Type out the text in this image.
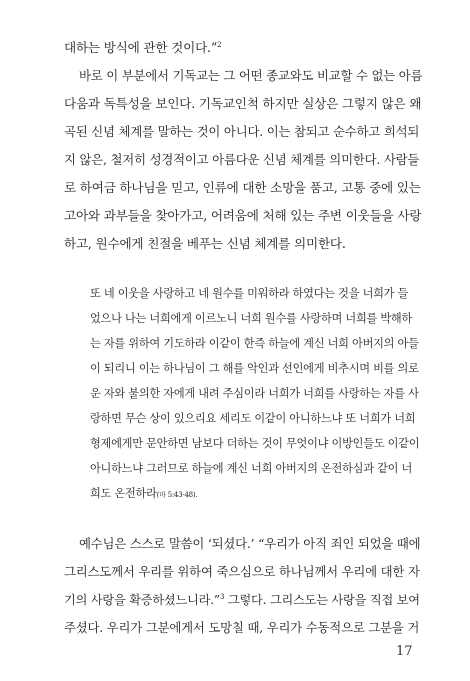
대하는 방식에 관한 것이다.”$^2$
바로 이 부분에서 기독교는 그 어떤 종교와도 비교할 수 없는 아름
다움과 독특성을 보인다. 기독교인척 하지만 실상은 그렇지 않은 왜
곡된 신념 체계를 말하는 것이 아니다. 이는 참되고 순수하고 희석되
지 않은, 철저히 성경적이고 아름다운 신념 체계를 의미한다. 사람들
로 하여금 하나님을 믿고, 인류에 대한 소망을 품고, 고통 중에 있는
고아와 과부들을 찾아가고, 어려움에 처해 있는 주변 이웃들을 사랑
하고, 원수에게 친절을 베푸는 신념 체계를 의미한다.
또 네 이웃을 사랑하고 네 원수를 미워하라 하였다는 것을 너희가 들
었으나 나는 너희에게 이르노니 너희 원수를 사랑하며 너희를 박해하
는 자를 위하여 기도하라 이같이 한즉 하늘에 계신 너희 아버지의 아들
이 되리니 이는 하나님이 그 해를 악인과 선인에게 비추시며 비를 의로
운 자와 불의한 자에게 내려 주심이라 너희가 너희를 사랑하는 자를 사
랑하면 무슨 상이 있으리요 세리도 이같이 아니하느냐 또 너희가 너희
형제에게만 문안하면 남보다 더하는 것이 무엇이냐 이방인들도 이같이
아니하느냐 그러므로 하늘에 계신 너희 아버지의 온전하심과 같이 너
희도 온전하라(마 5:43-48).
예수님은 스스로 말씀이 ‘되셨다.’ “우리가 아직 죄인 되었을 때에
그리스도께서 우리를 위하여 죽으심으로 하나님께서 우리에 대한 자
기의 사랑을 확증하셨느니라.”$^3$ 그렇다. 그리스도는 사랑을 직접 보여
주셨다. 우리가 그분에게서 도망칠 때, 우리가 수동적으로 그분을 거
17
